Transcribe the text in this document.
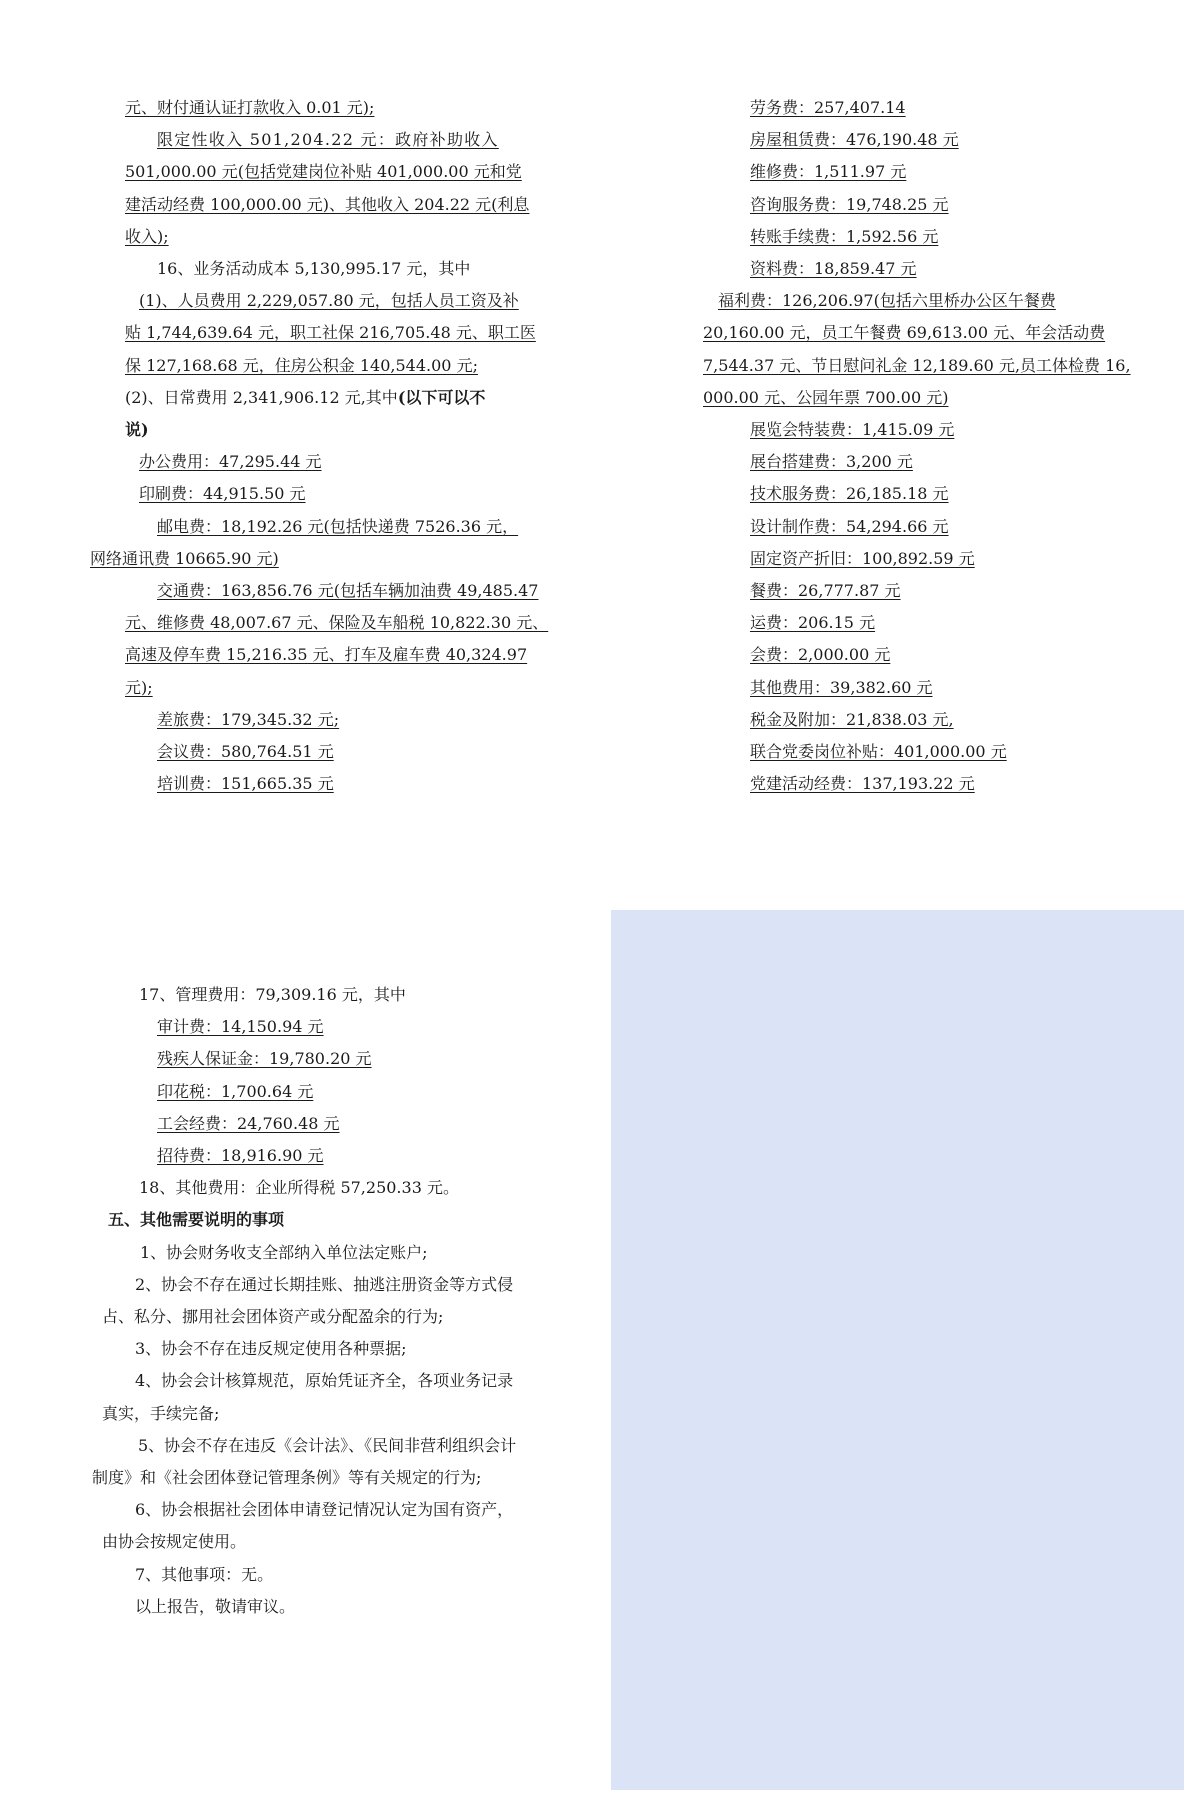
元、财付通认证打款收入 0.01 元);
限定性收入 501,204.22 元：政府补助收入
501,000.00 元(包括党建岗位补贴 401,000.00 元和党
建活动经费 100,000.00 元)、其他收入 204.22 元(利息
收入);
16、业务活动成本 5,130,995.17 元，其中
(1)、人员费用 2,229,057.80 元，包括人员工资及补
贴 1,744,639.64 元，职工社保 216,705.48 元、职工医
保 127,168.68 元，住房公积金 140,544.00 元;
(2)、日常费用 2,341,906.12 元,其中(以下可以不
说)
办公费用：47,295.44 元
印刷费：44,915.50 元
邮电费：18,192.26 元(包括快递费 7526.36 元，
网络通讯费 10665.90 元)
交通费：163,856.76 元(包括车辆加油费 49,485.47
元、维修费 48,007.67 元、保险及车船税 10,822.30 元、
高速及停车费 15,216.35 元、打车及雇车费 40,324.97
元);
差旅费：179,345.32 元;
会议费：580,764.51 元
培训费：151,665.35 元
劳务费：257,407.14
房屋租赁费：476,190.48 元
维修费：1,511.97 元
咨询服务费：19,748.25 元
转账手续费：1,592.56 元
资料费：18,859.47 元
福利费：126,206.97(包括六里桥办公区午餐费
20,160.00 元，员工午餐费 69,613.00 元、年会活动费
7,544.37 元、节日慰问礼金 12,189.60 元,员工体检费 16,
000.00 元、公园年票 700.00 元)
展览会特装费：1,415.09 元
展台搭建费：3,200 元
技术服务费：26,185.18 元
设计制作费：54,294.66 元
固定资产折旧：100,892.59 元
餐费：26,777.87 元
运费：206.15 元
会费：2,000.00 元
其他费用：39,382.60 元
税金及附加：21,838.03 元,
联合党委岗位补贴：401,000.00 元
党建活动经费：137,193.22 元
17、管理费用：79,309.16 元，其中
审计费：14,150.94 元
残疾人保证金：19,780.20 元
印花税：1,700.64 元
工会经费：24,760.48 元
招待费：18,916.90 元
18、其他费用：企业所得税 57,250.33 元。
五、其他需要说明的事项
1、协会财务收支全部纳入单位法定账户;
2、协会不存在通过长期挂账、抽逃注册资金等方式侵
占、私分、挪用社会团体资产或分配盈余的行为;
3、协会不存在违反规定使用各种票据;
4、协会会计核算规范，原始凭证齐全，各项业务记录
真实，手续完备;
5、协会不存在违反《会计法》、《民间非营利组织会计
制度》和《社会团体登记管理条例》等有关规定的行为;
6、协会根据社会团体申请登记情况认定为国有资产，
由协会按规定使用。
7、其他事项：无。
以上报告，敬请审议。
